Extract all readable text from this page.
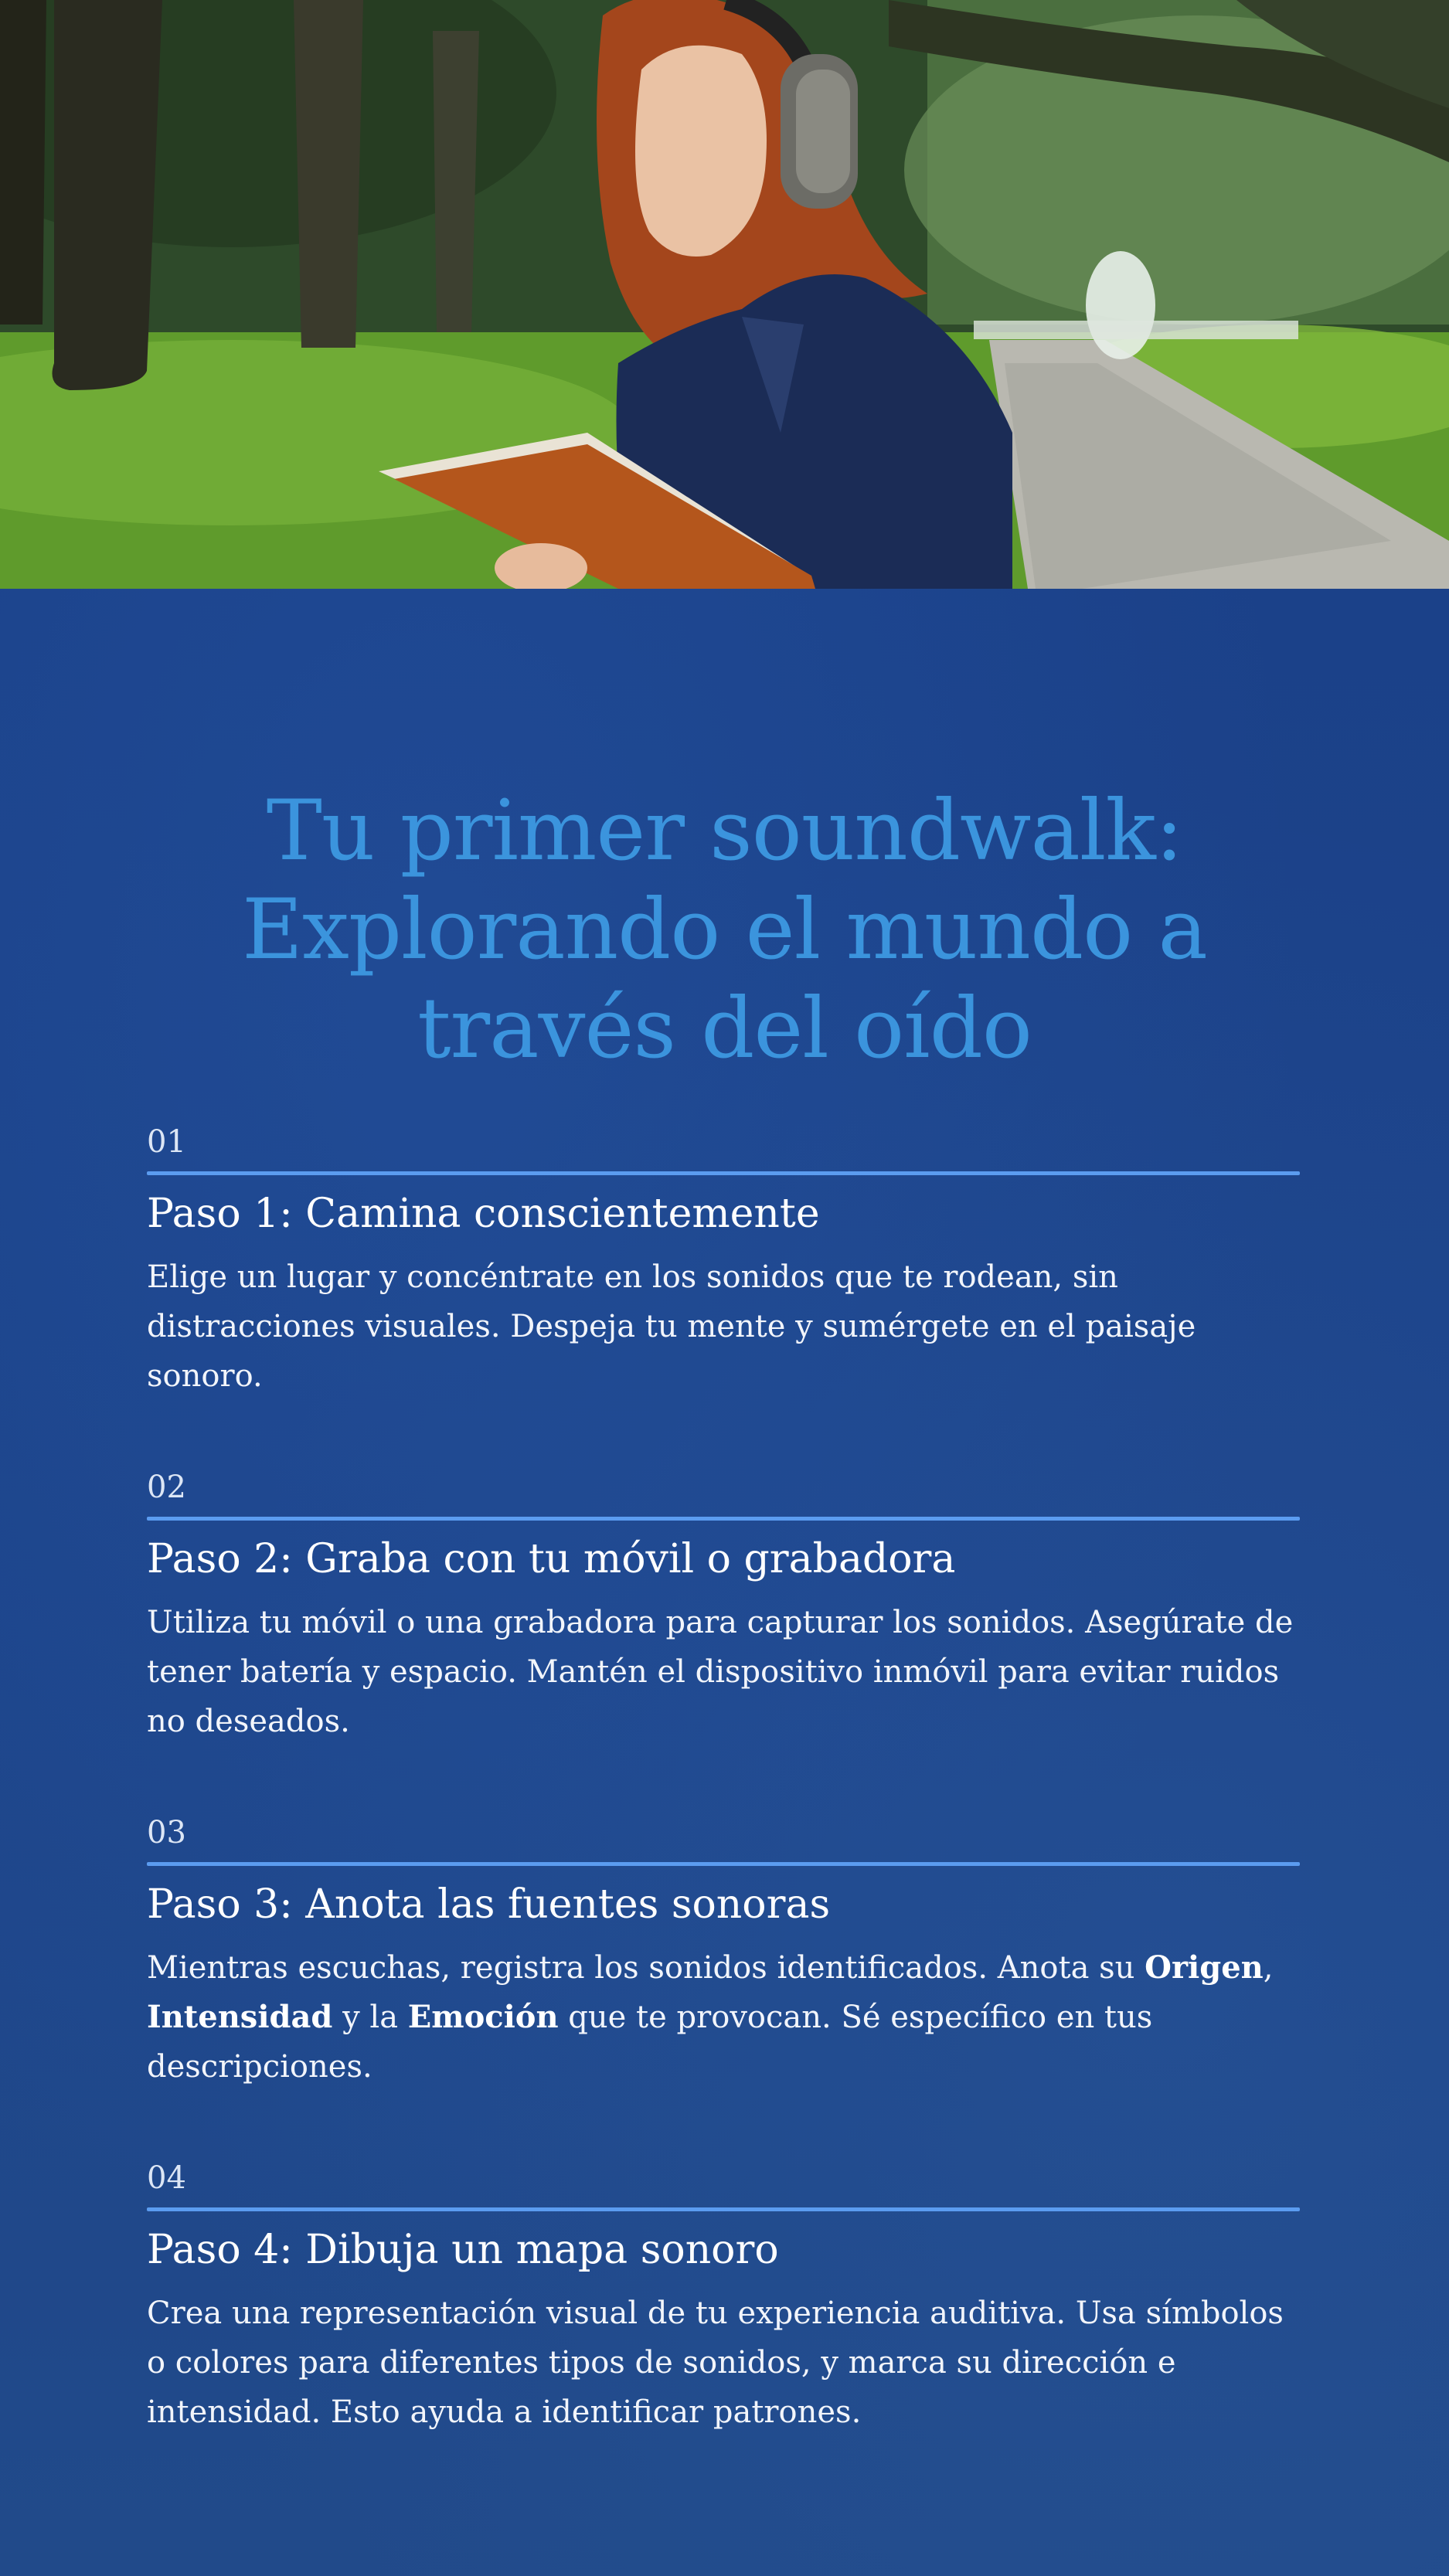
Tu primer soundwalk: Explorando el mundo a través del oído
01
Paso 1: Camina conscientemente

Elige un lugar y concéntrate en los sonidos que te rodean, sin distracciones visuales. Despeja tu mente y sumérgete en el paisaje sonoro.

02
Paso 2: Graba con tu móvil o grabadora

Utiliza tu móvil o una grabadora para capturar los sonidos. Asegúrate de tener batería y espacio. Mantén el dispositivo inmóvil para evitar ruidos no deseados.

03
Paso 3: Anota las fuentes sonoras

Mientras escuchas, registra los sonidos identificados. Anota su Origen, Intensidad y la Emoción que te provocan. Sé específico en tus descripciones.

04
Paso 4: Dibuja un mapa sonoro

Crea una representación visual de tu experiencia auditiva. Usa símbolos o colores para diferentes tipos de sonidos, y marca su dirección e intensidad. Esto ayuda a identificar patrones.
